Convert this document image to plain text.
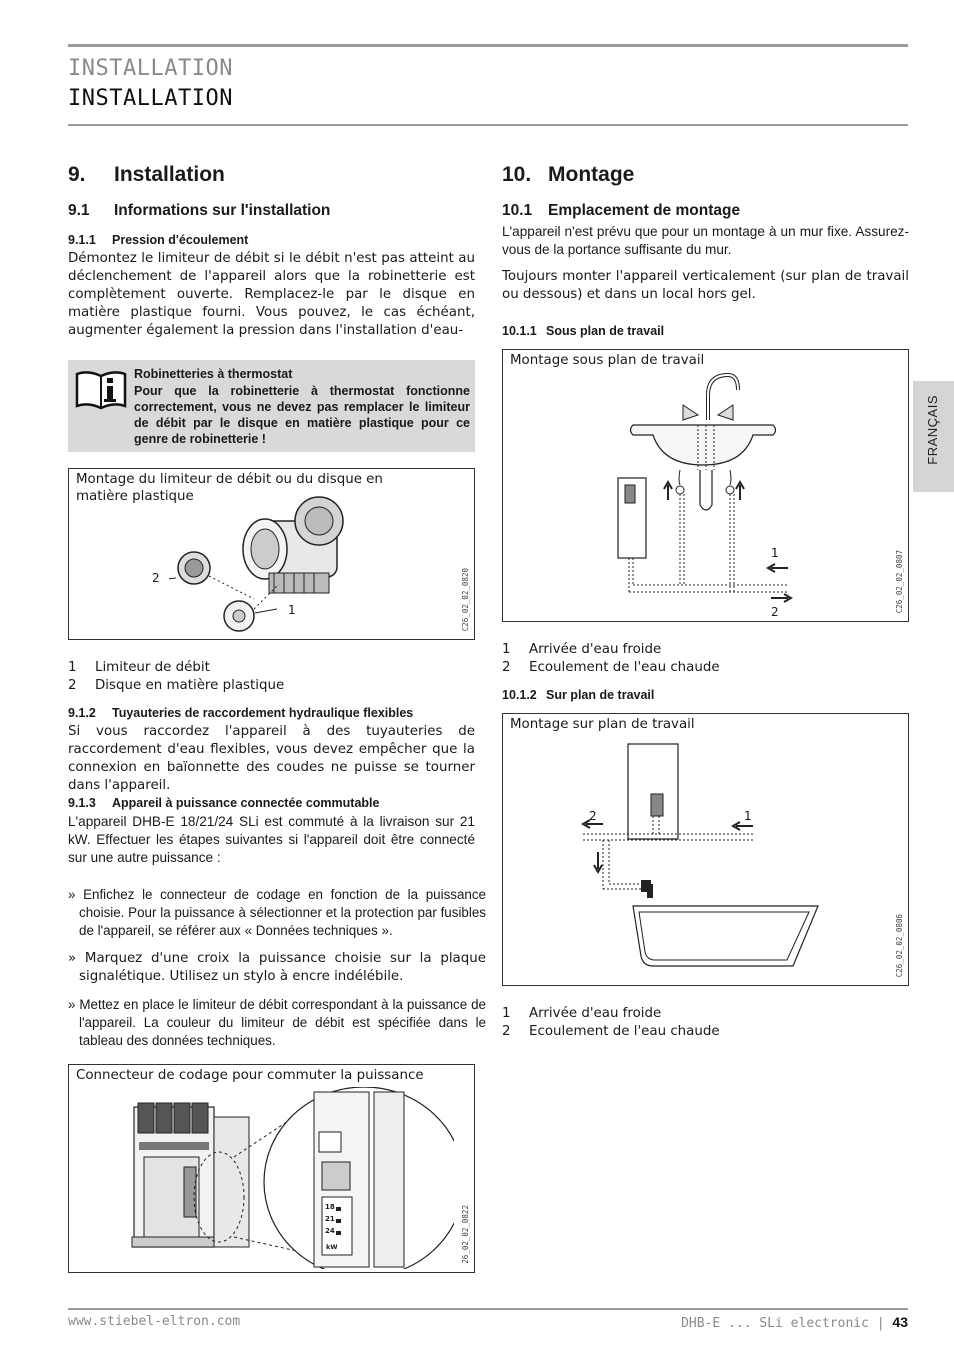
INSTALLATION
INSTALLATION
FRANÇAIS
9. Installation
9.1 Informations sur l'installation
9.1.1 Pression d'écoulement
Démontez le limiteur de débit si le débit n'est pas atteint au déclenchement de l'appareil alors que la robinetterie est complètement ouverte. Remplacez-le par le disque en matière plastique fourni. Vous pouvez, le cas échéant, augmenter également la pression dans l'installation d'eau-
Robinetteries à thermostat
Pour que la robinetterie à thermostat fonctionne correctement, vous ne devez pas remplacer le limiteur de débit par le disque en matière plastique pour ce genre de robinetterie !
Montage du limiteur de débit ou du disque en matière plastique
2
1	C26_02_02_0820
1	Limiteur de débit
2	Disque en matière plastique
9.1.2 Tuyauteries de raccordement hydraulique flexibles
Si vous raccordez l'appareil à des tuyauteries de raccordement d'eau flexibles, vous devez empêcher que la connexion en baïonnette des coudes ne puisse se tourner dans l'appareil.
9.1.3 Appareil à puissance connectée commutable
L'appareil DHB-E 18/21/24 SLi est commuté à la livraison sur 21 kW. Effectuer les étapes suivantes si l'appareil doit être connecté sur une autre puissance :
» Enfichez le connecteur de codage en fonction de la puissance choisie. Pour la puissance à sélectionner et la protection par fusibles de l'appareil, se référer aux « Données techniques ».
» Marquez d'une croix la puissance choisie sur la plaque signalétique. Utilisez un stylo à encre indélébile.
» Mettez en place le limiteur de débit correspondant à la puissance de l'appareil. La couleur du limiteur de débit est spécifiée dans le tableau des données techniques.
Connecteur de codage pour commuter la puissance
18
21
24
kW	26_02_02_0822
10. Montage
10.1 Emplacement de montage
L'appareil n'est prévu que pour un montage à un mur fixe. Assurez-vous de la portance suffisante du mur.
Toujours monter l'appareil verticalement (sur plan de travail ou dessous) et dans un local hors gel.
10.1.1 Sous plan de travail
Montage sous plan de travail
1
2	C26_02_02_0807
1	Arrivée d'eau froide
2	Ecoulement de l'eau chaude
10.1.2 Sur plan de travail
Montage sur plan de travail
2	1
C26_02_02_0806
1	Arrivée d'eau froide
2	Ecoulement de l'eau chaude
www.stiebel-eltron.com	DHB-E ... SLi electronic | 43
